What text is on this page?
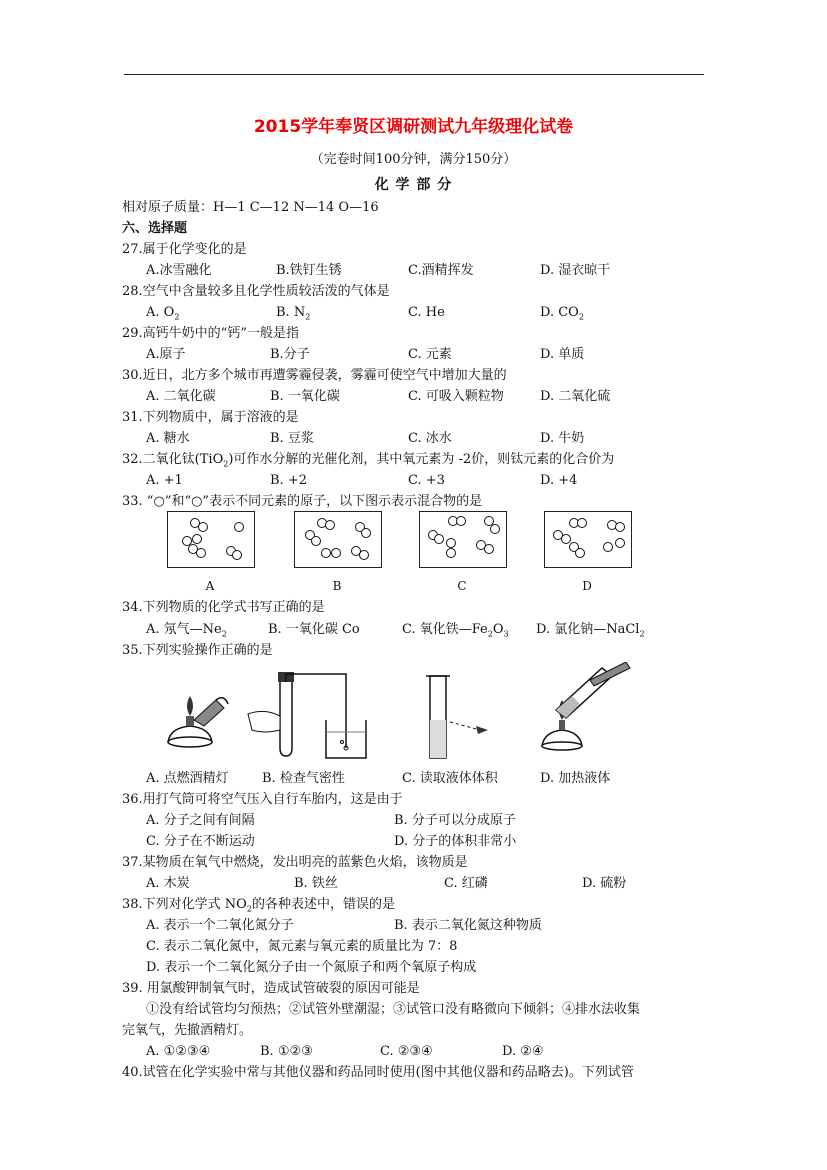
2015学年奉贤区调研测试九年级理化试卷
（完卷时间100分钟，满分150分）
化 学 部 分
相对原子质量：H—1 C—12 N—14 O—16
六、选择题
27.属于化学变化的是
A.冰雪融化	B.铁钉生锈	C.酒精挥发	D. 湿衣晾干
28.空气中含量较多且化学性质较活泼的气体是
A. $O_2$	B. $N_2$	C. He	D. $CO_2$
29.高钙牛奶中的“钙”一般是指
A.原子	B.分子	C. 元素	D. 单质
30.近日，北方多个城市再遭雾霾侵袭，雾霾可使空气中增加大量的
A. 二氧化碳	B. 一氧化碳	C. 可吸入颗粒物	D. 二氧化硫
31.下列物质中，属于溶液的是
A. 糖水	B. 豆浆	C. 冰水	D. 牛奶
32.二氧化钛(TiO$_2$)可作水分解的光催化剂，其中氧元素为 -2价，则钛元素的化合价为
A. +1	B. +2	C. +3	D. +4
33. “○”和“○”表示不同元素的原子，以下图示表示混合物的是
A	B	C	D
34.下列物质的化学式书写正确的是
A. 氖气$—Ne_2$	B. 一氧化碳 Co	C. 氧化铁$—Fe_2O_3$ D. 氯化钠—NaCl$_2$
35.下列实验操作正确的是
A. 点燃酒精灯	B. 检查气密性	C. 读取液体体积	D. 加热液体
36.用打气筒可将空气压入自行车胎内，这是由于
A. 分子之间有间隔	B. 分子可以分成原子
C. 分子在不断运动	D. 分子的体积非常小
37.某物质在氧气中燃烧，发出明亮的蓝紫色火焰，该物质是
A. 木炭	B. 铁丝	C. 红磷	D. 硫粉
38.下列对化学式 $NO_2$的各种表述中，错误的是
A. 表示一个二氧化氮分子	B. 表示二氧化氮这种物质
C. 表示二氧化氮中，氮元素与氧元素的质量比为 7：8
D. 表示一个二氧化氮分子由一个氮原子和两个氧原子构成
39. 用氯酸钾制氧气时，造成试管破裂的原因可能是
①没有给试管均匀预热；②试管外壁潮湿；③试管口没有略微向下倾斜；④排水法收集
完氧气，先撤酒精灯。
A. ①②③④	B. ①②③	C. ②③④	D. ②④
40.试管在化学实验中常与其他仪器和药品同时使用(图中其他仪器和药品略去)。下列试管
